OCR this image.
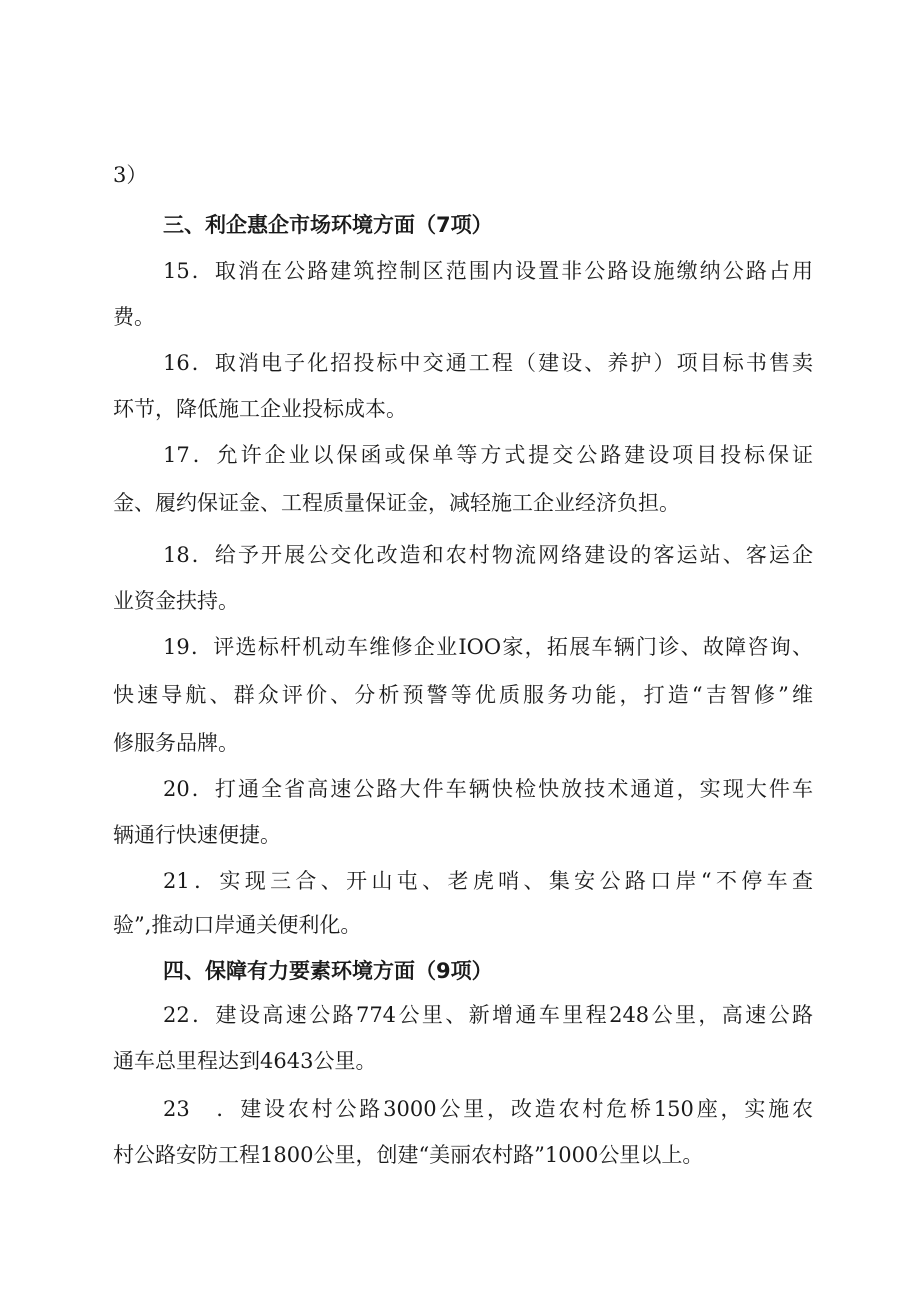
3）
三、利企惠企市场环境方面（7项）
15．取消在公路建筑控制区范围内设置非公路设施缴纳公路占用
费。
16．取消电子化招投标中交通工程（建设、养护）项目标书售卖
环节，降低施工企业投标成本。
17．允许企业以保函或保单等方式提交公路建设项目投标保证
金、履约保证金、工程质量保证金，减轻施工企业经济负担。
18．给予开展公交化改造和农村物流网络建设的客运站、客运企
业资金扶持。
19．评选标杆机动车维修企业IOO家，拓展车辆门诊、故障咨询、
快速导航、群众评价、分析预警等优质服务功能，打造“吉智修”维
修服务品牌。
20．打通全省高速公路大件车辆快检快放技术通道，实现大件车
辆通行快速便捷。
21．实现三合、开山屯、老虎哨、集安公路口岸“不停车查
验”,推动口岸通关便利化。
四、保障有力要素环境方面（9项）
22．建设高速公路774公里、新增通车里程248公里，高速公路
通车总里程达到4643公里。
23　．建设农村公路3000公里，改造农村危桥150座，实施农
村公路安防工程1800公里，创建“美丽农村路”1000公里以上。
